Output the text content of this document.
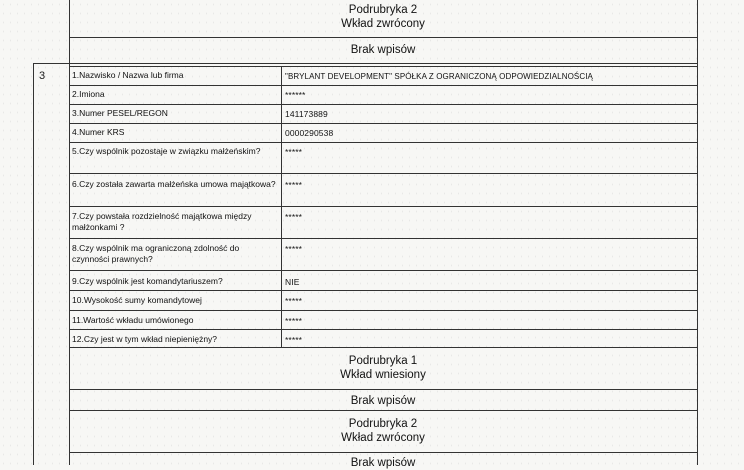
Podrubryka 2
Wkład zwrócony
Brak wpisów
3	1.Nazwisko / Nazwa lub firma
2.Imiona
3.Numer PESEL/REGON
4.Numer KRS
5.Czy wspólnik pozostaje w związku małżeńskim?
6.Czy została zawarta małżeńska umowa majątkowa?
7.Czy powstała rozdzielność majątkowa między małżonkami ?
8.Czy wspólnik ma ograniczoną zdolność do czynności prawnych?
9.Czy wspólnik jest komandytariuszem?
10.Wysokość sumy komandytowej
11.Wartość wkładu umówionego
12.Czy jest w tym wkład niepieniężny?
"BRYLANT DEVELOPMENT" SPÓŁKA Z OGRANICZONĄ ODPOWIEDZIALNOŚCIĄ
******
141173889
0000290538
*****
*****
*****
*****
NIE
*****
*****
*****
Podrubryka 1
Wkład wniesiony
Brak wpisów
Podrubryka 2
Wkład zwrócony
Brak wpisów
